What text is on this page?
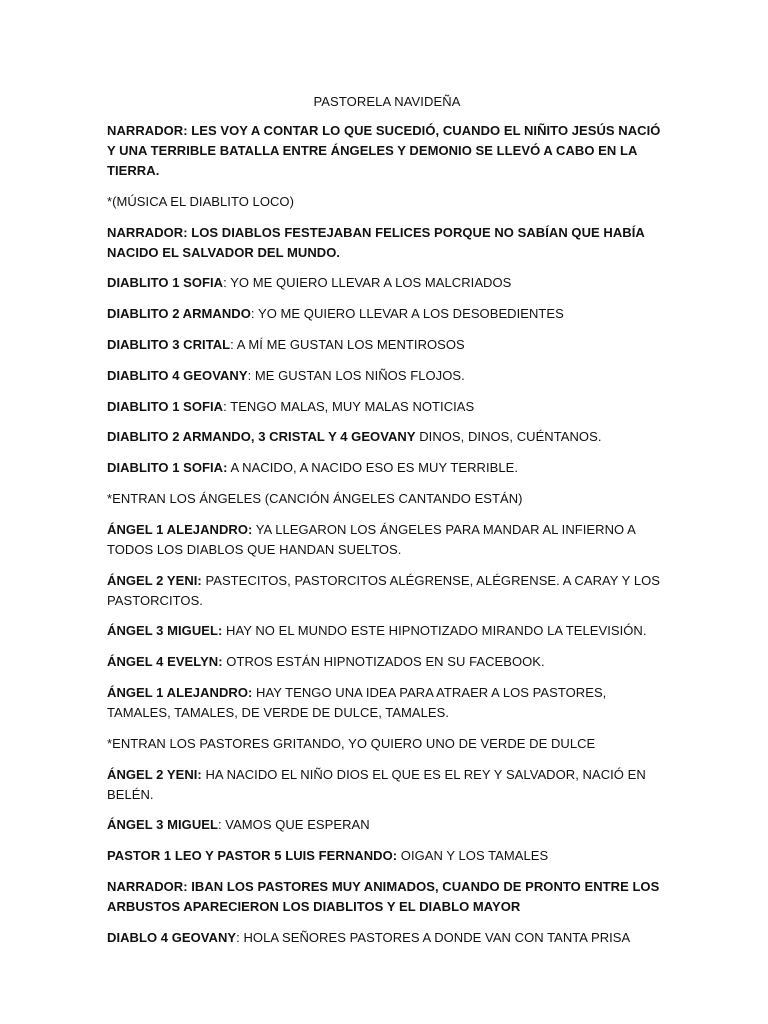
PASTORELA NAVIDEÑA

NARRADOR: LES VOY A CONTAR LO QUE SUCEDIÓ, CUANDO EL NIÑITO JESÚS NACIÓ Y UNA TERRIBLE BATALLA ENTRE ÁNGELES Y DEMONIO SE LLEVÓ A CABO EN LA TIERRA.

*(MÚSICA EL DIABLITO LOCO)

NARRADOR: LOS DIABLOS FESTEJABAN FELICES PORQUE NO SABÍAN QUE HABÍA NACIDO EL SALVADOR DEL MUNDO.

DIABLITO 1 SOFIA: YO ME QUIERO LLEVAR A LOS MALCRIADOS

DIABLITO 2 ARMANDO: YO ME QUIERO LLEVAR A LOS DESOBEDIENTES

DIABLITO 3 CRITAL: A MÍ ME GUSTAN LOS MENTIROSOS

DIABLITO 4 GEOVANY: ME GUSTAN LOS NIÑOS FLOJOS.

DIABLITO 1 SOFIA: TENGO MALAS, MUY MALAS NOTICIAS

DIABLITO 2 ARMANDO, 3 CRISTAL Y 4 GEOVANY DINOS, DINOS, CUÉNTANOS.

DIABLITO 1 SOFIA: A NACIDO, A NACIDO ESO ES MUY TERRIBLE.

*ENTRAN LOS ÁNGELES (CANCIÓN ÁNGELES CANTANDO ESTÁN)

ÁNGEL 1 ALEJANDRO: YA LLEGARON LOS ÁNGELES PARA MANDAR AL INFIERNO A TODOS LOS DIABLOS QUE HANDAN SUELTOS.

ÁNGEL 2 YENI: PASTECITOS, PASTORCITOS ALÉGRENSE, ALÉGRENSE. A CARAY Y LOS PASTORCITOS.

ÁNGEL 3 MIGUEL: HAY NO EL MUNDO ESTE HIPNOTIZADO MIRANDO LA TELEVISIÓN.

ÁNGEL 4 EVELYN: OTROS ESTÁN HIPNOTIZADOS EN SU FACEBOOK.

ÁNGEL 1 ALEJANDRO: HAY TENGO UNA IDEA PARA ATRAER A LOS PASTORES, TAMALES, TAMALES, DE VERDE DE DULCE, TAMALES.

*ENTRAN LOS PASTORES GRITANDO, YO QUIERO UNO DE VERDE DE DULCE

ÁNGEL 2 YENI: HA NACIDO EL NIÑO DIOS EL QUE ES EL REY Y SALVADOR, NACIÓ EN BELÉN.

ÁNGEL 3 MIGUEL: VAMOS QUE ESPERAN

PASTOR 1 LEO Y PASTOR 5 LUIS FERNANDO: OIGAN Y LOS TAMALES

NARRADOR: IBAN LOS PASTORES MUY ANIMADOS, CUANDO DE PRONTO ENTRE LOS ARBUSTOS APARECIERON LOS DIABLITOS Y EL DIABLO MAYOR

DIABLO 4 GEOVANY: HOLA SEÑORES PASTORES A DONDE VAN CON TANTA PRISA
